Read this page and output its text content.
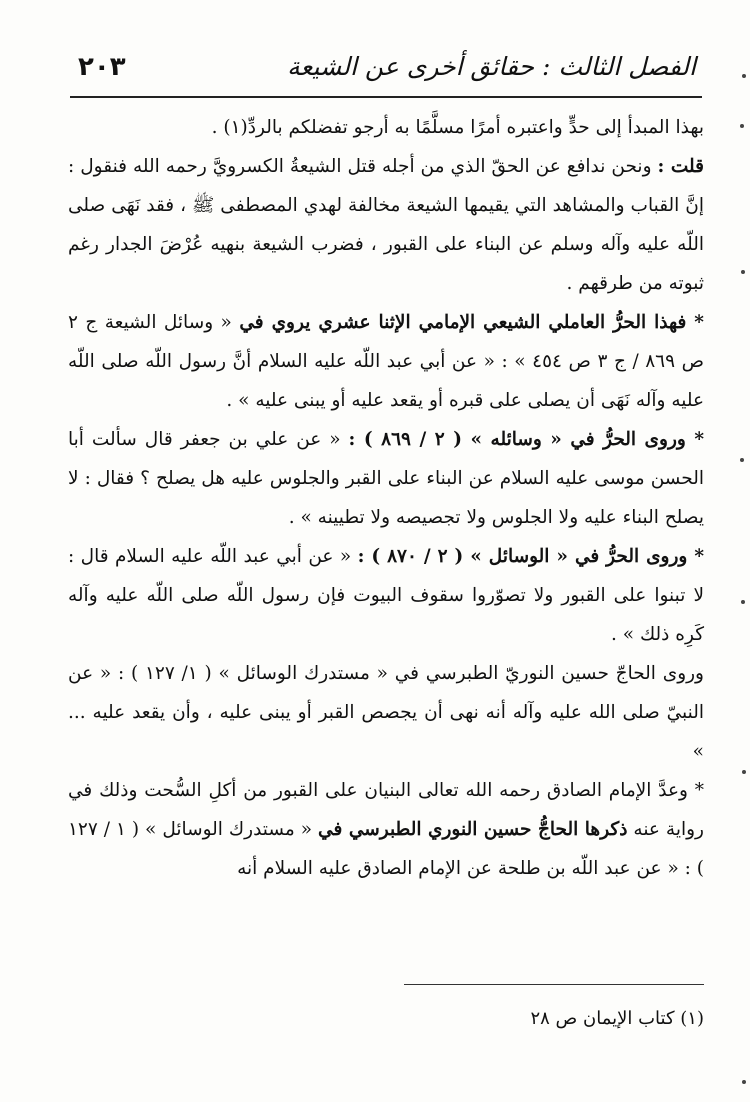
الفصل الثالث : حقائق أخرى عن الشيعة
٢٠٣

بهذا المبدأ إلى حدٍّ واعتبره أمرًا مسلَّمًا به أرجو تفضلكم بالردِّ(١) .

قلت : ونحن ندافع عن الحقّ الذي من أجله قتل الشيعةُ الكسرويَّ رحمه الله فنقول : إنَّ القباب والمشاهد التي يقيمها الشيعة مخالفة لهدي المصطفى ﷺ ، فقد نَهَى صلى اللّه عليه وآله وسلم عن البناء على القبور ، فضرب الشيعة بنهيه عُرْضَ الجدار رغم ثبوته من طرقهم .

* فهذا الحرُّ العاملي الشيعي الإمامي الإثنا عشري يروي في « وسائل الشيعة ج ٢ ص ٨٦٩ / ج ٣ ص ٤٥٤ » : « عن أبي عبد اللّه عليه السلام أنَّ رسول اللّه صلى اللّه عليه وآله نَهَى أن يصلى على قبره أو يقعد عليه أو يبنى عليه » .

* وروى الحرُّ في « وسائله » ( ٢ / ٨٦٩ ) : « عن علي بن جعفر قال سألت أبا الحسن موسى عليه السلام عن البناء على القبر والجلوس عليه هل يصلح ؟ فقال : لا يصلح البناء عليه ولا الجلوس ولا تجصيصه ولا تطيينه » .

* وروى الحرُّ في « الوسائل » ( ٢ / ٨٧٠ ) : « عن أبي عبد اللّه عليه السلام قال : لا تبنوا على القبور ولا تصوّروا سقوف البيوت فإن رسول اللّه صلى اللّه عليه وآله كَرِه ذلك » .

وروى الحاجّ حسين النوريّ الطبرسي في « مستدرك الوسائل » ( ١/ ١٢٧ ) : « عن النبيّ صلى الله عليه وآله أنه نهى أن يجصص القبر أو يبنى عليه ، وأن يقعد عليه ... »

* وعدَّ الإمام الصادق رحمه الله تعالى البنيان على القبور من أكلِ السُّحت وذلك في رواية عنه ذكرها الحاجُّ حسين النوري الطبرسي في « مستدرك الوسائل » ( ١ / ١٢٧ ) : « عن عبد اللّه بن طلحة عن الإمام الصادق عليه السلام أنه

(١) كتاب الإيمان ص ٢٨
